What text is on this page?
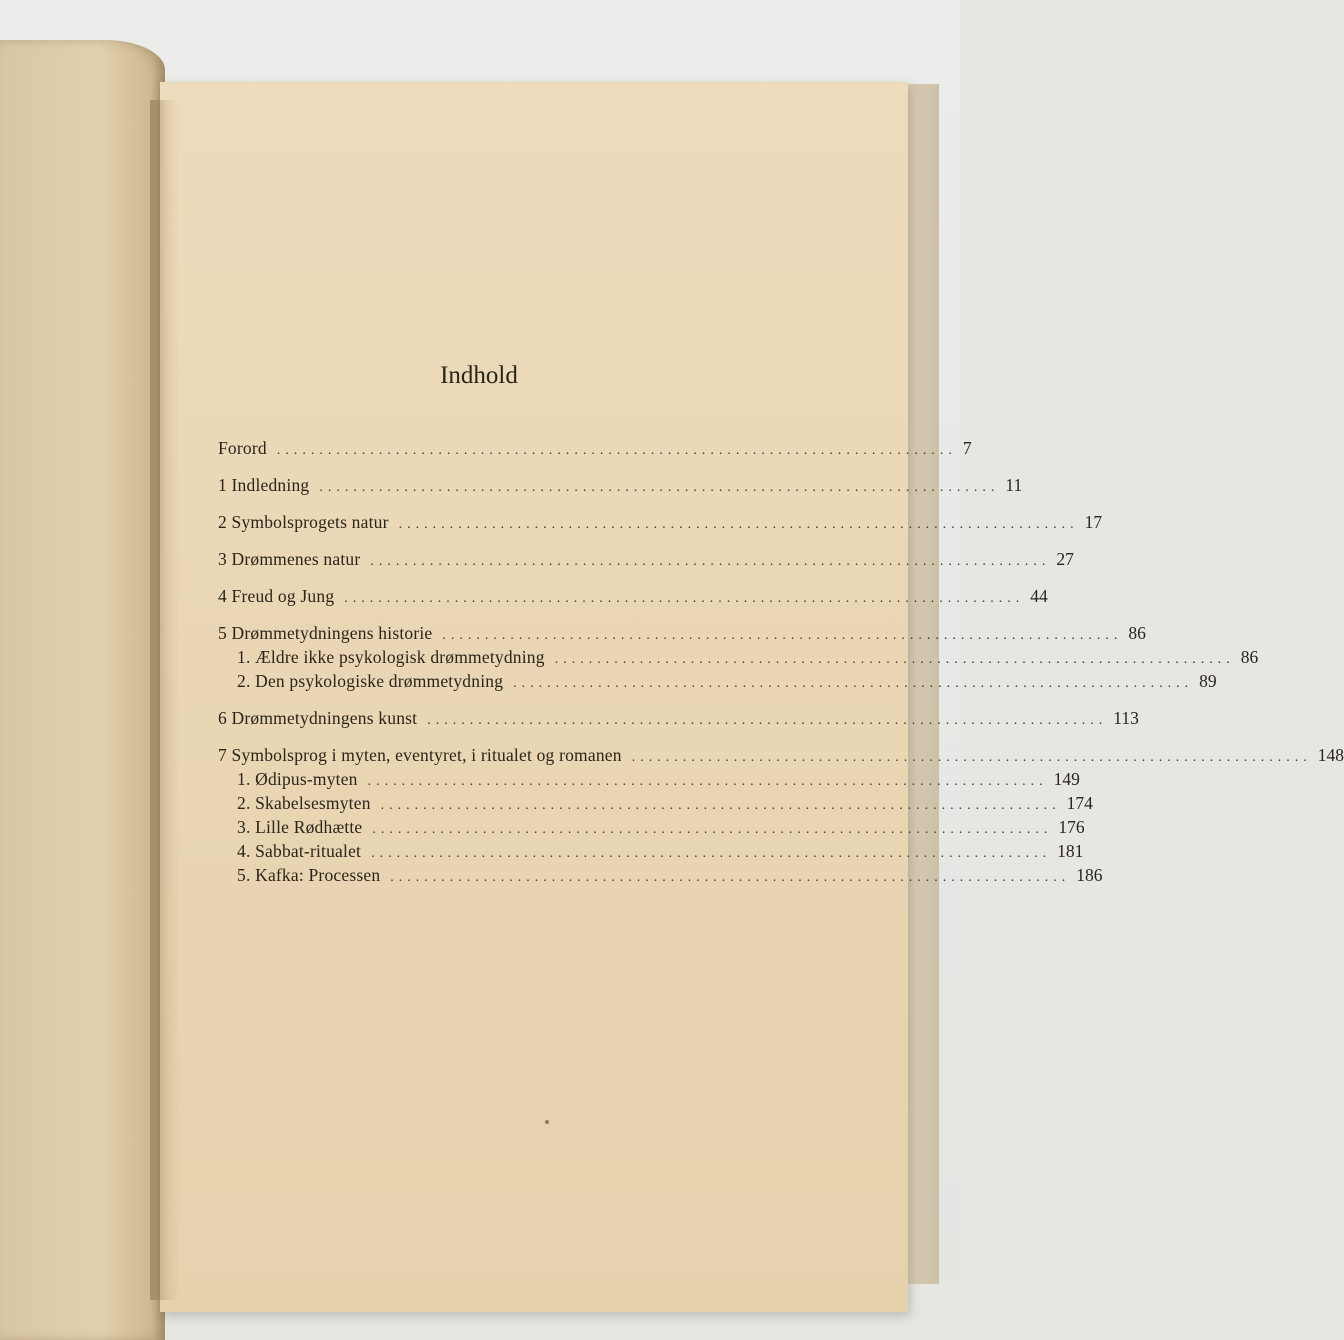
Indhold
Forord ................................................................................ 7
1 Indledning ................................................................................ 11
2 Symbolsprogets natur ................................................................................ 17
3 Drømmenes natur ................................................................................ 27
4 Freud og Jung ................................................................................ 44
5 Drømmetydningens historie ................................................................................ 86
1. Ældre ikke psykologisk drømmetydning ................................................................................ 86
2. Den psykologiske drømmetydning ................................................................................ 89
6 Drømmetydningens kunst ................................................................................ 113
7 Symbolsprog i myten, eventyret, i ritualet og romanen ................................................................................ 148
1. Ødipus-myten ................................................................................ 149
2. Skabelsesmyten ................................................................................ 174
3. Lille Rødhætte ................................................................................ 176
4. Sabbat-ritualet ................................................................................ 181
5. Kafka: Processen ................................................................................ 186
